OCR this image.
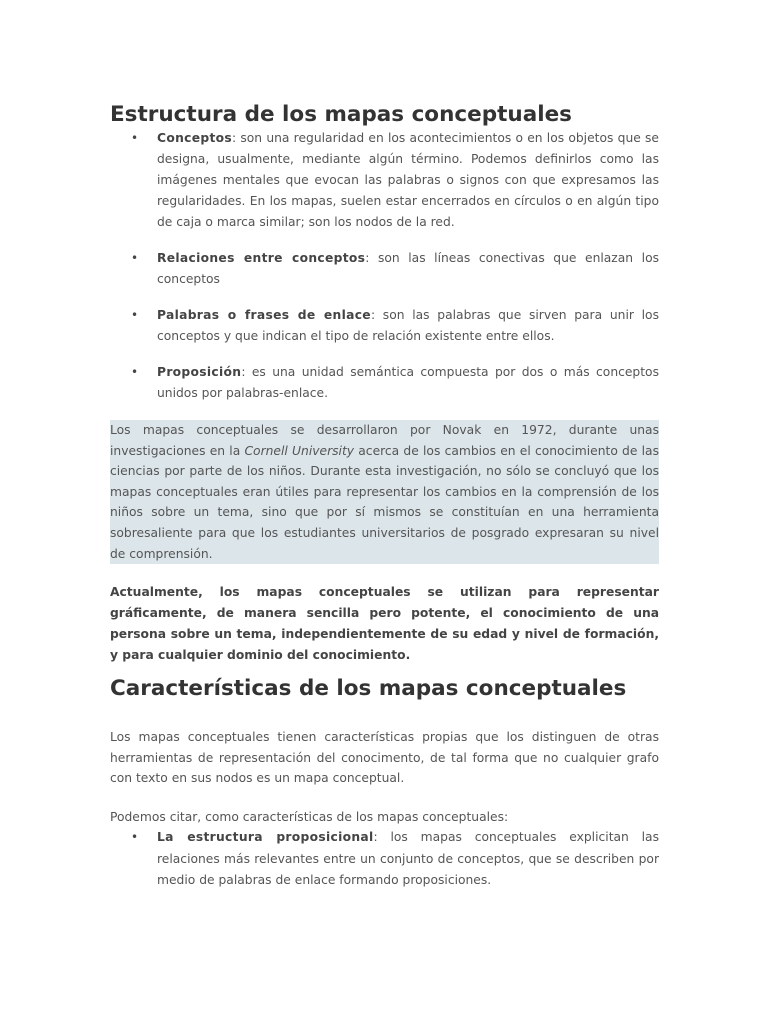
Estructura de los mapas conceptuales
• Conceptos: son una regularidad en los acontecimientos o en los objetos que se designa, usualmente, mediante algún término. Podemos definirlos como las imágenes mentales que evocan las palabras o signos con que expresamos las regularidades. En los mapas, suelen estar encerrados en círculos o en algún tipo de caja o marca similar; son los nodos de la red.
• Relaciones entre conceptos: son las líneas conectivas que enlazan los conceptos
• Palabras o frases de enlace: son las palabras que sirven para unir los conceptos y que indican el tipo de relación existente entre ellos.
• Proposición: es una unidad semántica compuesta por dos o más conceptos unidos por palabras-enlace.

Los mapas conceptuales se desarrollaron por Novak en 1972, durante unas investigaciones en la Cornell University acerca de los cambios en el conocimiento de las ciencias por parte de los niños. Durante esta investigación, no sólo se concluyó que los mapas conceptuales eran útiles para representar los cambios en la comprensión de los niños sobre un tema, sino que por sí mismos se constituían en una herramienta sobresaliente para que los estudiantes universitarios de posgrado expresaran su nivel de comprensión.

Actualmente, los mapas conceptuales se utilizan para representar gráficamente, de manera sencilla pero potente, el conocimiento de una persona sobre un tema, independientemente de su edad y nivel de formación, y para cualquier dominio del conocimiento.

Características de los mapas conceptuales

Los mapas conceptuales tienen características propias que los distinguen de otras herramientas de representación del conocimento, de tal forma que no cualquier grafo con texto en sus nodos es un mapa conceptual.

Podemos citar, como características de los mapas conceptuales:

• La estructura proposicional: los mapas conceptuales explicitan las relaciones más relevantes entre un conjunto de conceptos, que se describen por medio de palabras de enlace formando proposiciones.
